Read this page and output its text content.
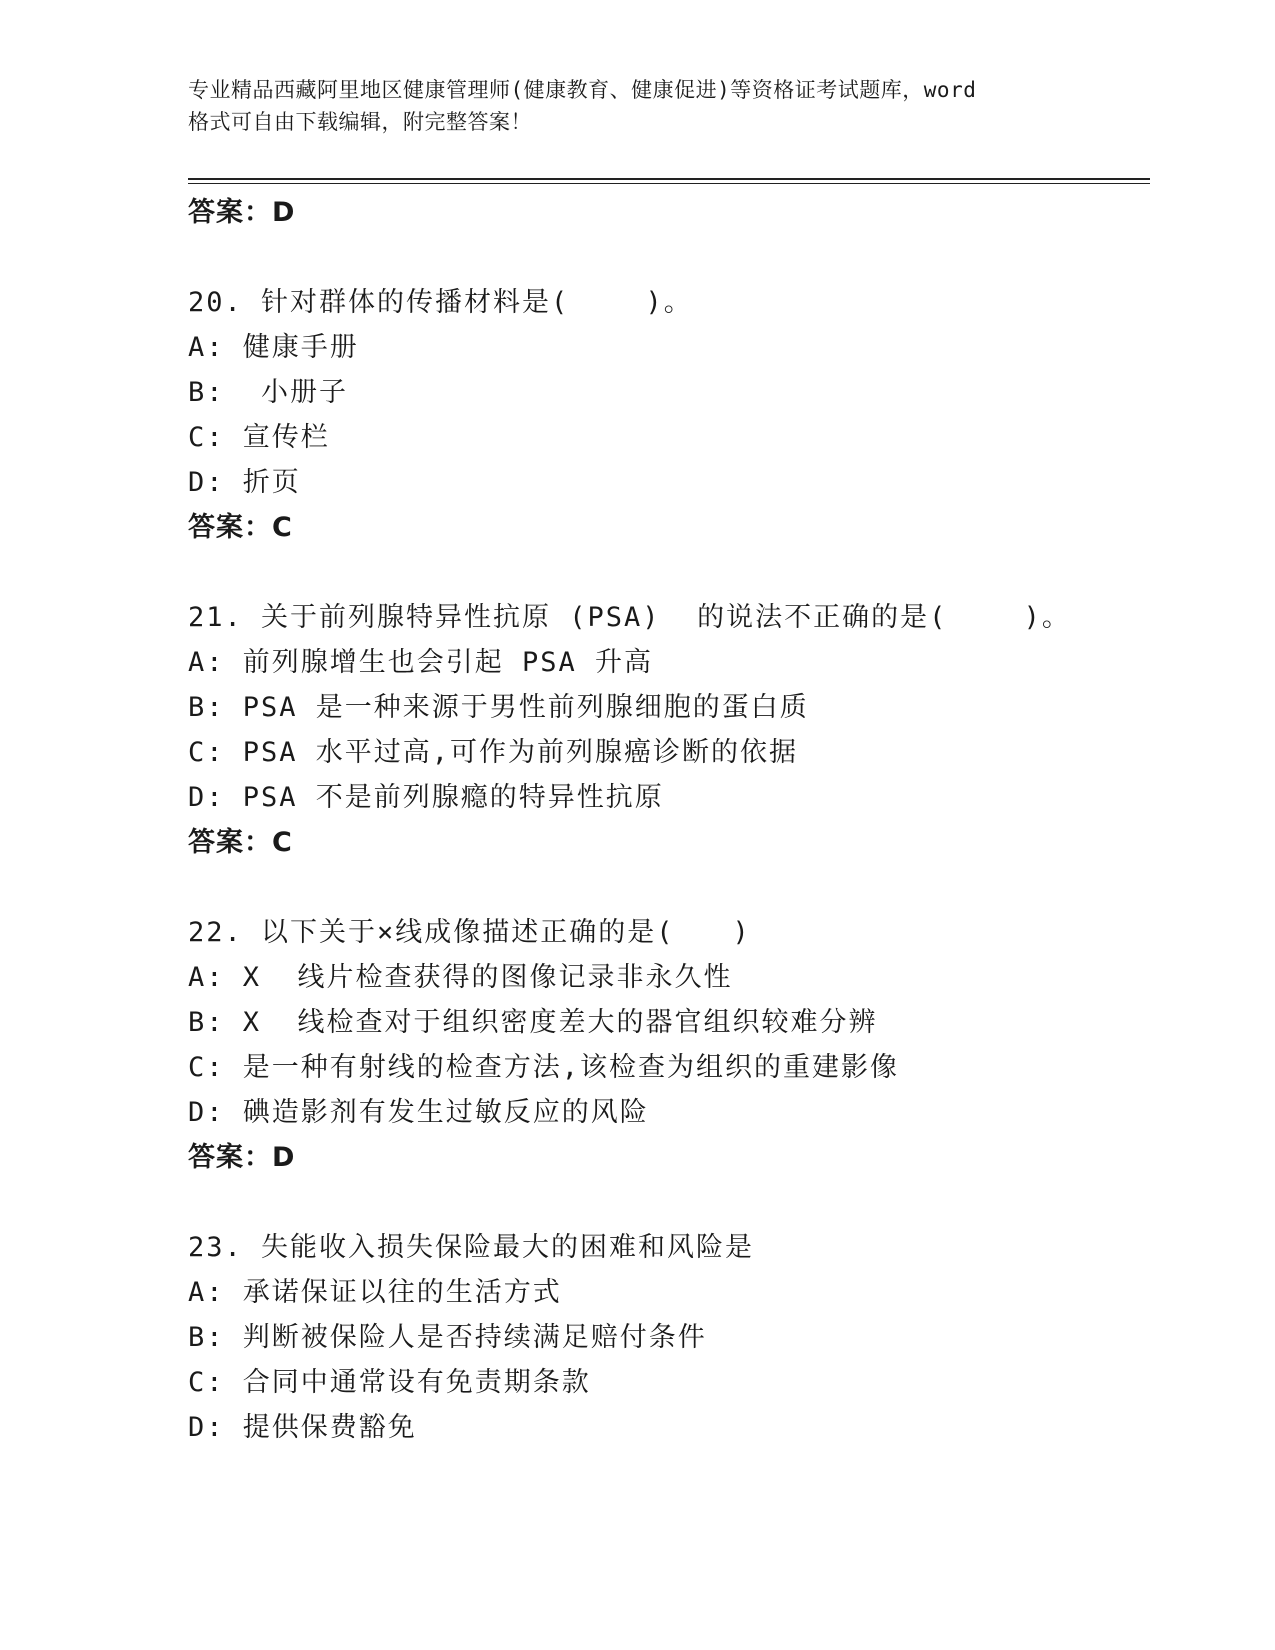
专业精品西藏阿里地区健康管理师(健康教育、健康促进)等资格证考试题库，word
格式可自由下载编辑，附完整答案！
答案：D
20. 针对群体的传播材料是(　　 )。
A: 健康手册
B:  小册子
C: 宣传栏
D: 折页
答案：C
21. 关于前列腺特异性抗原 (PSA)  的说法不正确的是(　　 )。
A: 前列腺增生也会引起 PSA 升高
B: PSA 是一种来源于男性前列腺细胞的蛋白质
C: PSA 水平过高,可作为前列腺癌诊断的依据
D: PSA 不是前列腺瘾的特异性抗原
答案：C
22. 以下关于×线成像描述正确的是(　　)
A: X  线片检查获得的图像记录非永久性
B: X  线检查对于组织密度差大的器官组织较难分辨
C: 是一种有射线的检查方法,该检查为组织的重建影像
D: 碘造影剂有发生过敏反应的风险
答案：D
23. 失能收入损失保险最大的困难和风险是
A: 承诺保证以往的生活方式
B: 判断被保险人是否持续满足赔付条件
C: 合同中通常设有免责期条款
D: 提供保费豁免
